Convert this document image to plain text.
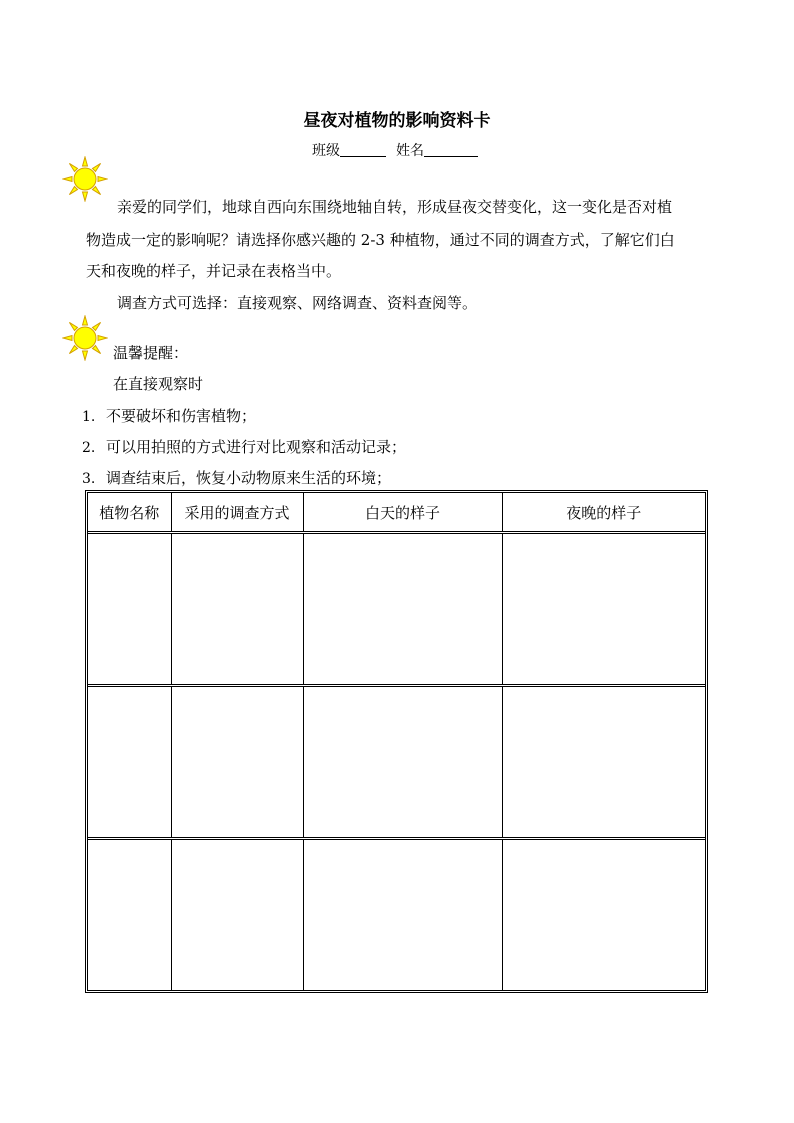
昼夜对植物的影响资料卡
班级	姓名
亲爱的同学们，地球自西向东围绕地轴自转，形成昼夜交替变化，这一变化是否对植
物造成一定的影响呢？请选择你感兴趣的 2-3 种植物，通过不同的调查方式，了解它们白
天和夜晚的样子，并记录在表格当中。
调查方式可选择：直接观察、网络调查、资料查阅等。
温馨提醒：
在直接观察时
1. 不要破坏和伤害植物；
2. 可以用拍照的方式进行对比观察和活动记录；
3. 调查结束后，恢复小动物原来生活的环境；
植物名称	采用的调查方式	白天的样子	夜晚的样子
